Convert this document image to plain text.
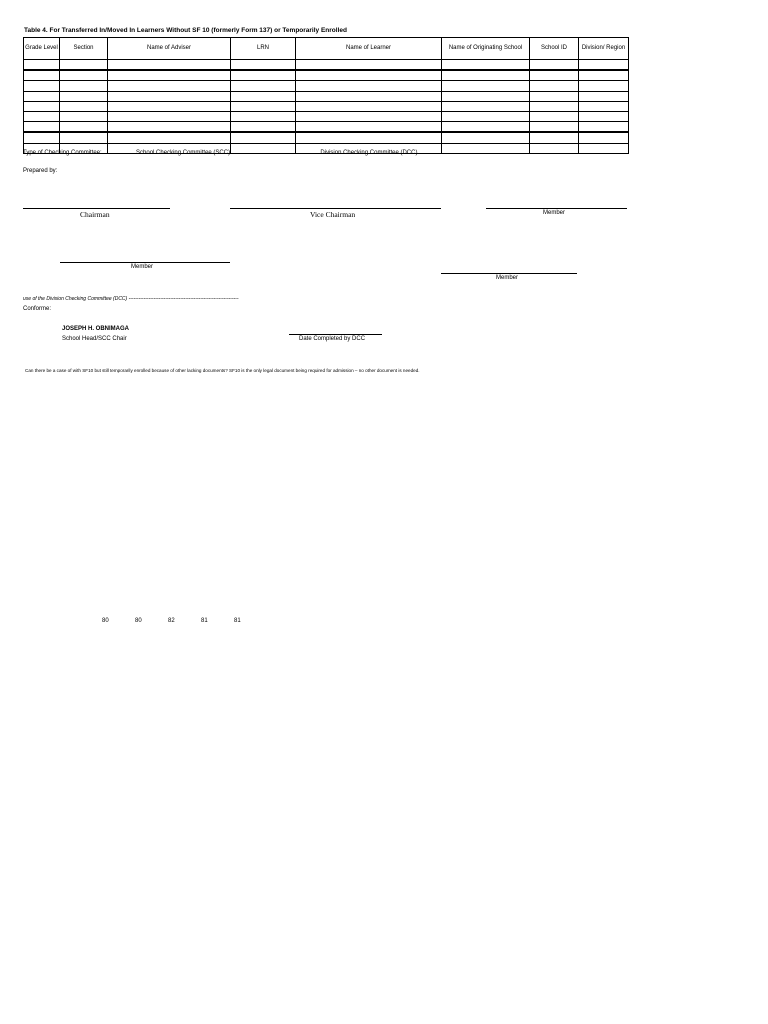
Table 4. For Transferred In/Moved In Learners Without SF 10 (formerly Form 137) or Temporarily Enrolled
Grade Level	Section	Name of Adviser	LRN	Name of Learner	Name of Originating School	School ID	Division/ Region

Type of Checking Committee:	School Checking Committee (SCC)	Division Checking Committee (DCC)
Prepared by:
Chairman	Vice Chairman	Member
Member
Member
use of the Division Checking Committee (DCC) ------------------------------------------------------------------
Conforme:
JOSEPH H. OBNIMAGA
School Head/SCC Chair	Date Completed by DCC
Can there be a case of with SF10 but still temporarily enrolled because of other lacking documents? SF10 is the only legal document being required for admission – no other document is needed.
80	80	82	81	81
